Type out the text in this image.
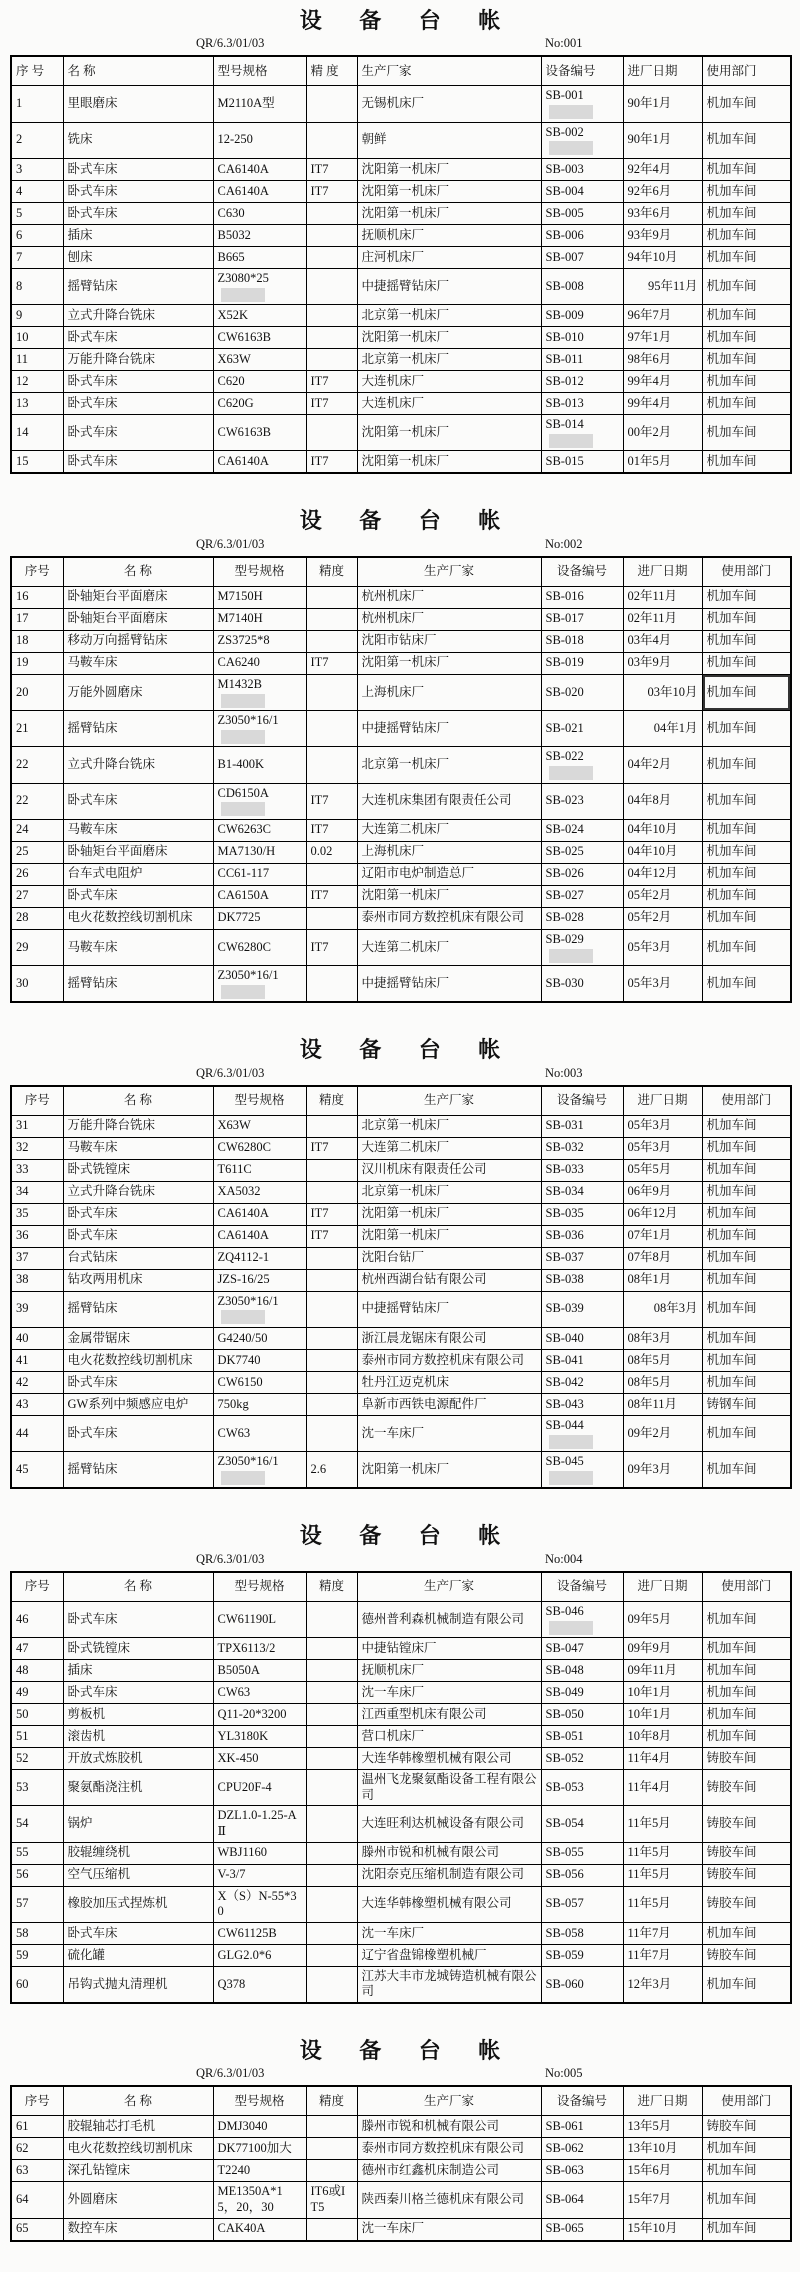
设 备 台 帐
QR/6.3/01/03	No:001
序 号	名 称	型号规格	精 度	生产厂家	设备编号	进厂日期	使用部门
1	里眼磨床	M2110A型		无锡机床厂	SB-001	90年1月	机加车间
2	铣床	12-250		朝鲜	SB-002	90年1月	机加车间
3	卧式车床	CA6140A	IT7	沈阳第一机床厂	SB-003	92年4月	机加车间
4	卧式车床	CA6140A	IT7	沈阳第一机床厂	SB-004	92年6月	机加车间
5	卧式车床	C630		沈阳第一机床厂	SB-005	93年6月	机加车间
6	插床	B5032		抚顺机床厂	SB-006	93年9月	机加车间
7	刨床	B665		庄河机床厂	SB-007	94年10月	机加车间
8	摇臂钻床	Z3080*25		中捷摇臂钻床厂	SB-008	95年11月	机加车间
9	立式升降台铣床	X52K		北京第一机床厂	SB-009	96年7月	机加车间
10	卧式车床	CW6163B		沈阳第一机床厂	SB-010	97年1月	机加车间
11	万能升降台铣床	X63W		北京第一机床厂	SB-011	98年6月	机加车间
12	卧式车床	C620	IT7	大连机床厂	SB-012	99年4月	机加车间
13	卧式车床	C620G	IT7	大连机床厂	SB-013	99年4月	机加车间
14	卧式车床	CW6163B		沈阳第一机床厂	SB-014	00年2月	机加车间
15	卧式车床	CA6140A	IT7	沈阳第一机床厂	SB-015	01年5月	机加车间
设 备 台 帐
QR/6.3/01/03	No:002
序号	名 称	型号规格	精度	生产厂家	设备编号	进厂日期	使用部门
16	卧轴矩台平面磨床	M7150H		杭州机床厂	SB-016	02年11月	机加车间
17	卧轴矩台平面磨床	M7140H		杭州机床厂	SB-017	02年11月	机加车间
18	移动万向摇臂钻床	ZS3725*8		沈阳市钻床厂	SB-018	03年4月	机加车间
19	马鞍车床	CA6240	IT7	沈阳第一机床厂	SB-019	03年9月	机加车间
20	万能外圆磨床	M1432B		上海机床厂	SB-020	03年10月	机加车间
21	摇臂钻床	Z3050*16/1		中捷摇臂钻床厂	SB-021	04年1月	机加车间
22	立式升降台铣床	B1-400K		北京第一机床厂	SB-022	04年2月	机加车间
22	卧式车床	CD6150A	IT7	大连机床集团有限责任公司	SB-023	04年8月	机加车间
24	马鞍车床	CW6263C	IT7	大连第二机床厂	SB-024	04年10月	机加车间
25	卧轴矩台平面磨床	MA7130/H	0.02	上海机床厂	SB-025	04年10月	机加车间
26	台车式电阻炉	CC61-117		辽阳市电炉制造总厂	SB-026	04年12月	机加车间
27	卧式车床	CA6150A	IT7	沈阳第一机床厂	SB-027	05年2月	机加车间
28	电火花数控线切割机床	DK7725		泰州市同方数控机床有限公司	SB-028	05年2月	机加车间
29	马鞍车床	CW6280C	IT7	大连第二机床厂	SB-029	05年3月	机加车间
30	摇臂钻床	Z3050*16/1		中捷摇臂钻床厂	SB-030	05年3月	机加车间
设 备 台 帐
QR/6.3/01/03	No:003
序号	名 称	型号规格	精度	生产厂家	设备编号	进厂日期	使用部门
31	万能升降台铣床	X63W		北京第一机床厂	SB-031	05年3月	机加车间
32	马鞍车床	CW6280C	IT7	大连第二机床厂	SB-032	05年3月	机加车间
33	卧式铣镗床	T611C		汉川机床有限责任公司	SB-033	05年5月	机加车间
34	立式升降台铣床	XA5032		北京第一机床厂	SB-034	06年9月	机加车间
35	卧式车床	CA6140A	IT7	沈阳第一机床厂	SB-035	06年12月	机加车间
36	卧式车床	CA6140A	IT7	沈阳第一机床厂	SB-036	07年1月	机加车间
37	台式钻床	ZQ4112-1		沈阳台钻厂	SB-037	07年8月	机加车间
38	钻攻两用机床	JZS-16/25		杭州西湖台钻有限公司	SB-038	08年1月	机加车间
39	摇臂钻床	Z3050*16/1		中捷摇臂钻床厂	SB-039	08年3月	机加车间
40	金属带锯床	G4240/50		浙江晨龙锯床有限公司	SB-040	08年3月	机加车间
41	电火花数控线切割机床	DK7740		泰州市同方数控机床有限公司	SB-041	08年5月	机加车间
42	卧式车床	CW6150		牡丹江迈克机床	SB-042	08年5月	机加车间
43	GW系列中频感应电炉	750kg		阜新市西铁电源配件厂	SB-043	08年11月	铸钢车间
44	卧式车床	CW63		沈一车床厂	SB-044	09年2月	机加车间
45	摇臂钻床	Z3050*16/1	2.6	沈阳第一机床厂	SB-045	09年3月	机加车间
设 备 台 帐
QR/6.3/01/03	No:004
序号	名 称	型号规格	精度	生产厂家	设备编号	进厂日期	使用部门
46	卧式车床	CW61190L		德州普利森机械制造有限公司	SB-046	09年5月	机加车间
47	卧式铣镗床	TPX6113/2		中捷钻镗床厂	SB-047	09年9月	机加车间
48	插床	B5050A		抚顺机床厂	SB-048	09年11月	机加车间
49	卧式车床	CW63		沈一车床厂	SB-049	10年1月	机加车间
50	剪板机	Q11-20*3200		江西重型机床有限公司	SB-050	10年1月	机加车间
51	滚齿机	YL3180K		营口机床厂	SB-051	10年8月	机加车间
52	开放式炼胶机	XK-450		大连华韩橡塑机械有限公司	SB-052	11年4月	铸胶车间
53	聚氨酯浇注机	CPU20F-4		温州飞龙聚氨酯设备工程有限公司	SB-053	11年4月	铸胶车间
54	锅炉	DZL1.0-1.25-AⅡ		大连旺利达机械设备有限公司	SB-054	11年5月	铸胶车间
55	胶辊缠绕机	WBJ1160		滕州市锐和机械有限公司	SB-055	11年5月	铸胶车间
56	空气压缩机	V-3/7		沈阳奈克压缩机制造有限公司	SB-056	11年5月	铸胶车间
57	橡胶加压式捏炼机	X（S）N-55*30		大连华韩橡塑机械有限公司	SB-057	11年5月	铸胶车间
58	卧式车床	CW61125B		沈一车床厂	SB-058	11年7月	机加车间
59	硫化罐	GLG2.0*6		辽宁省盘锦橡塑机械厂	SB-059	11年7月	铸胶车间
60	吊钩式抛丸清理机	Q378		江苏大丰市龙城铸造机械有限公司	SB-060	12年3月	机加车间
设 备 台 帐
QR/6.3/01/03	No:005
序号	名 称	型号规格	精度	生产厂家	设备编号	进厂日期	使用部门
61	胶辊轴芯打毛机	DMJ3040		滕州市锐和机械有限公司	SB-061	13年5月	铸胶车间
62	电火花数控线切割机床	DK77100加大		泰州市同方数控机床有限公司	SB-062	13年10月	机加车间
63	深孔钻镗床	T2240		德州市红鑫机床制造公司	SB-063	15年6月	机加车间
64	外圆磨床	ME1350A*15，20，30	IT6或IT5	陕西秦川格兰德机床有限公司	SB-064	15年7月	机加车间
65	数控车床	CAK40A		沈一车床厂	SB-065	15年10月	机加车间
